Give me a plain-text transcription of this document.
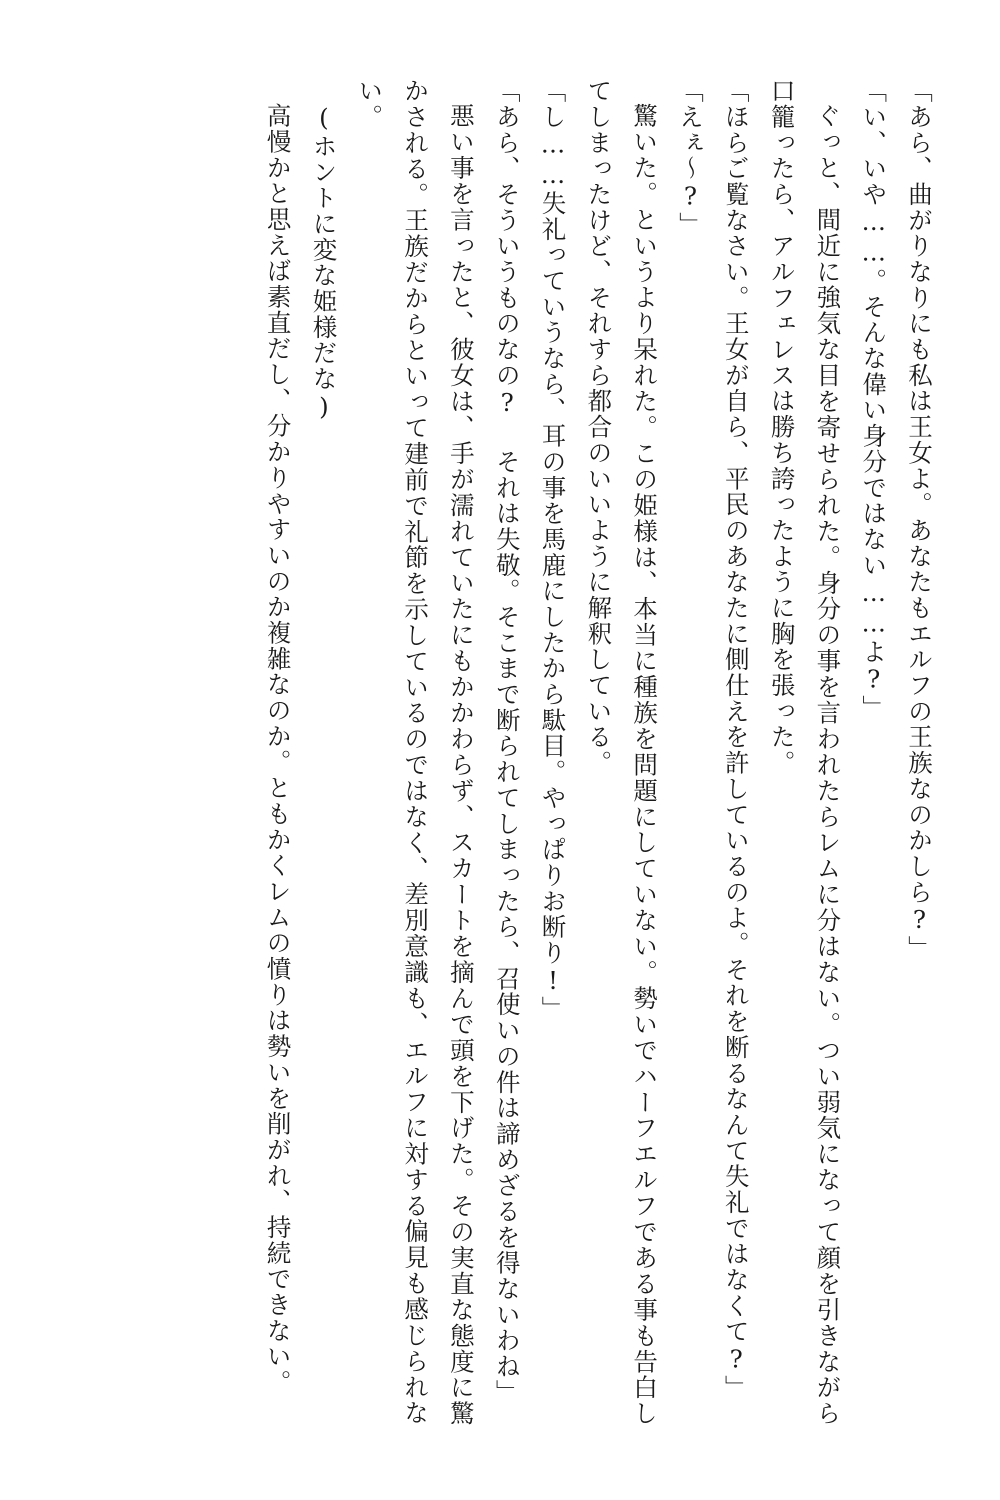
「あら、曲がりなりにも私は王女よ。あなたもエルフの王族なのかしら?」
「い、いや……。そんな偉い身分ではない……よ?」
ぐっと、間近に強気な目を寄せられた。身分の事を言われたらレムに分はない。つい弱気になって顔を引きながら口籠ったら、アルフェレスは勝ち誇ったように胸を張った。
「ほらご覧なさい。王女が自ら、平民のあなたに側仕えを許しているのよ。それを断るなんて失礼ではなくて?」
「えぇ〜?」
驚いた。というより呆れた。この姫様は、本当に種族を問題にしていない。勢いでハーフエルフである事も告白してしまったけど、それすら都合のいいように解釈している。
「し……失礼っていうなら、耳の事を馬鹿にしたから駄目。やっぱりお断り!」
「あら、そういうものなの? それは失敬。そこまで断られてしまったら、召使いの件は諦めざるを得ないわね」
悪い事を言ったと、彼女は、手が濡れていたにもかかわらず、スカートを摘んで頭を下げた。その実直な態度に驚かされる。王族だからといって建前で礼節を示しているのではなく、差別意識も、エルフに対する偏見も感じられない。
(ホントに変な姫様だな)
高慢かと思えば素直だし、分かりやすいのか複雑なのか。ともかくレムの憤りは勢いを削がれ、持続できない。
